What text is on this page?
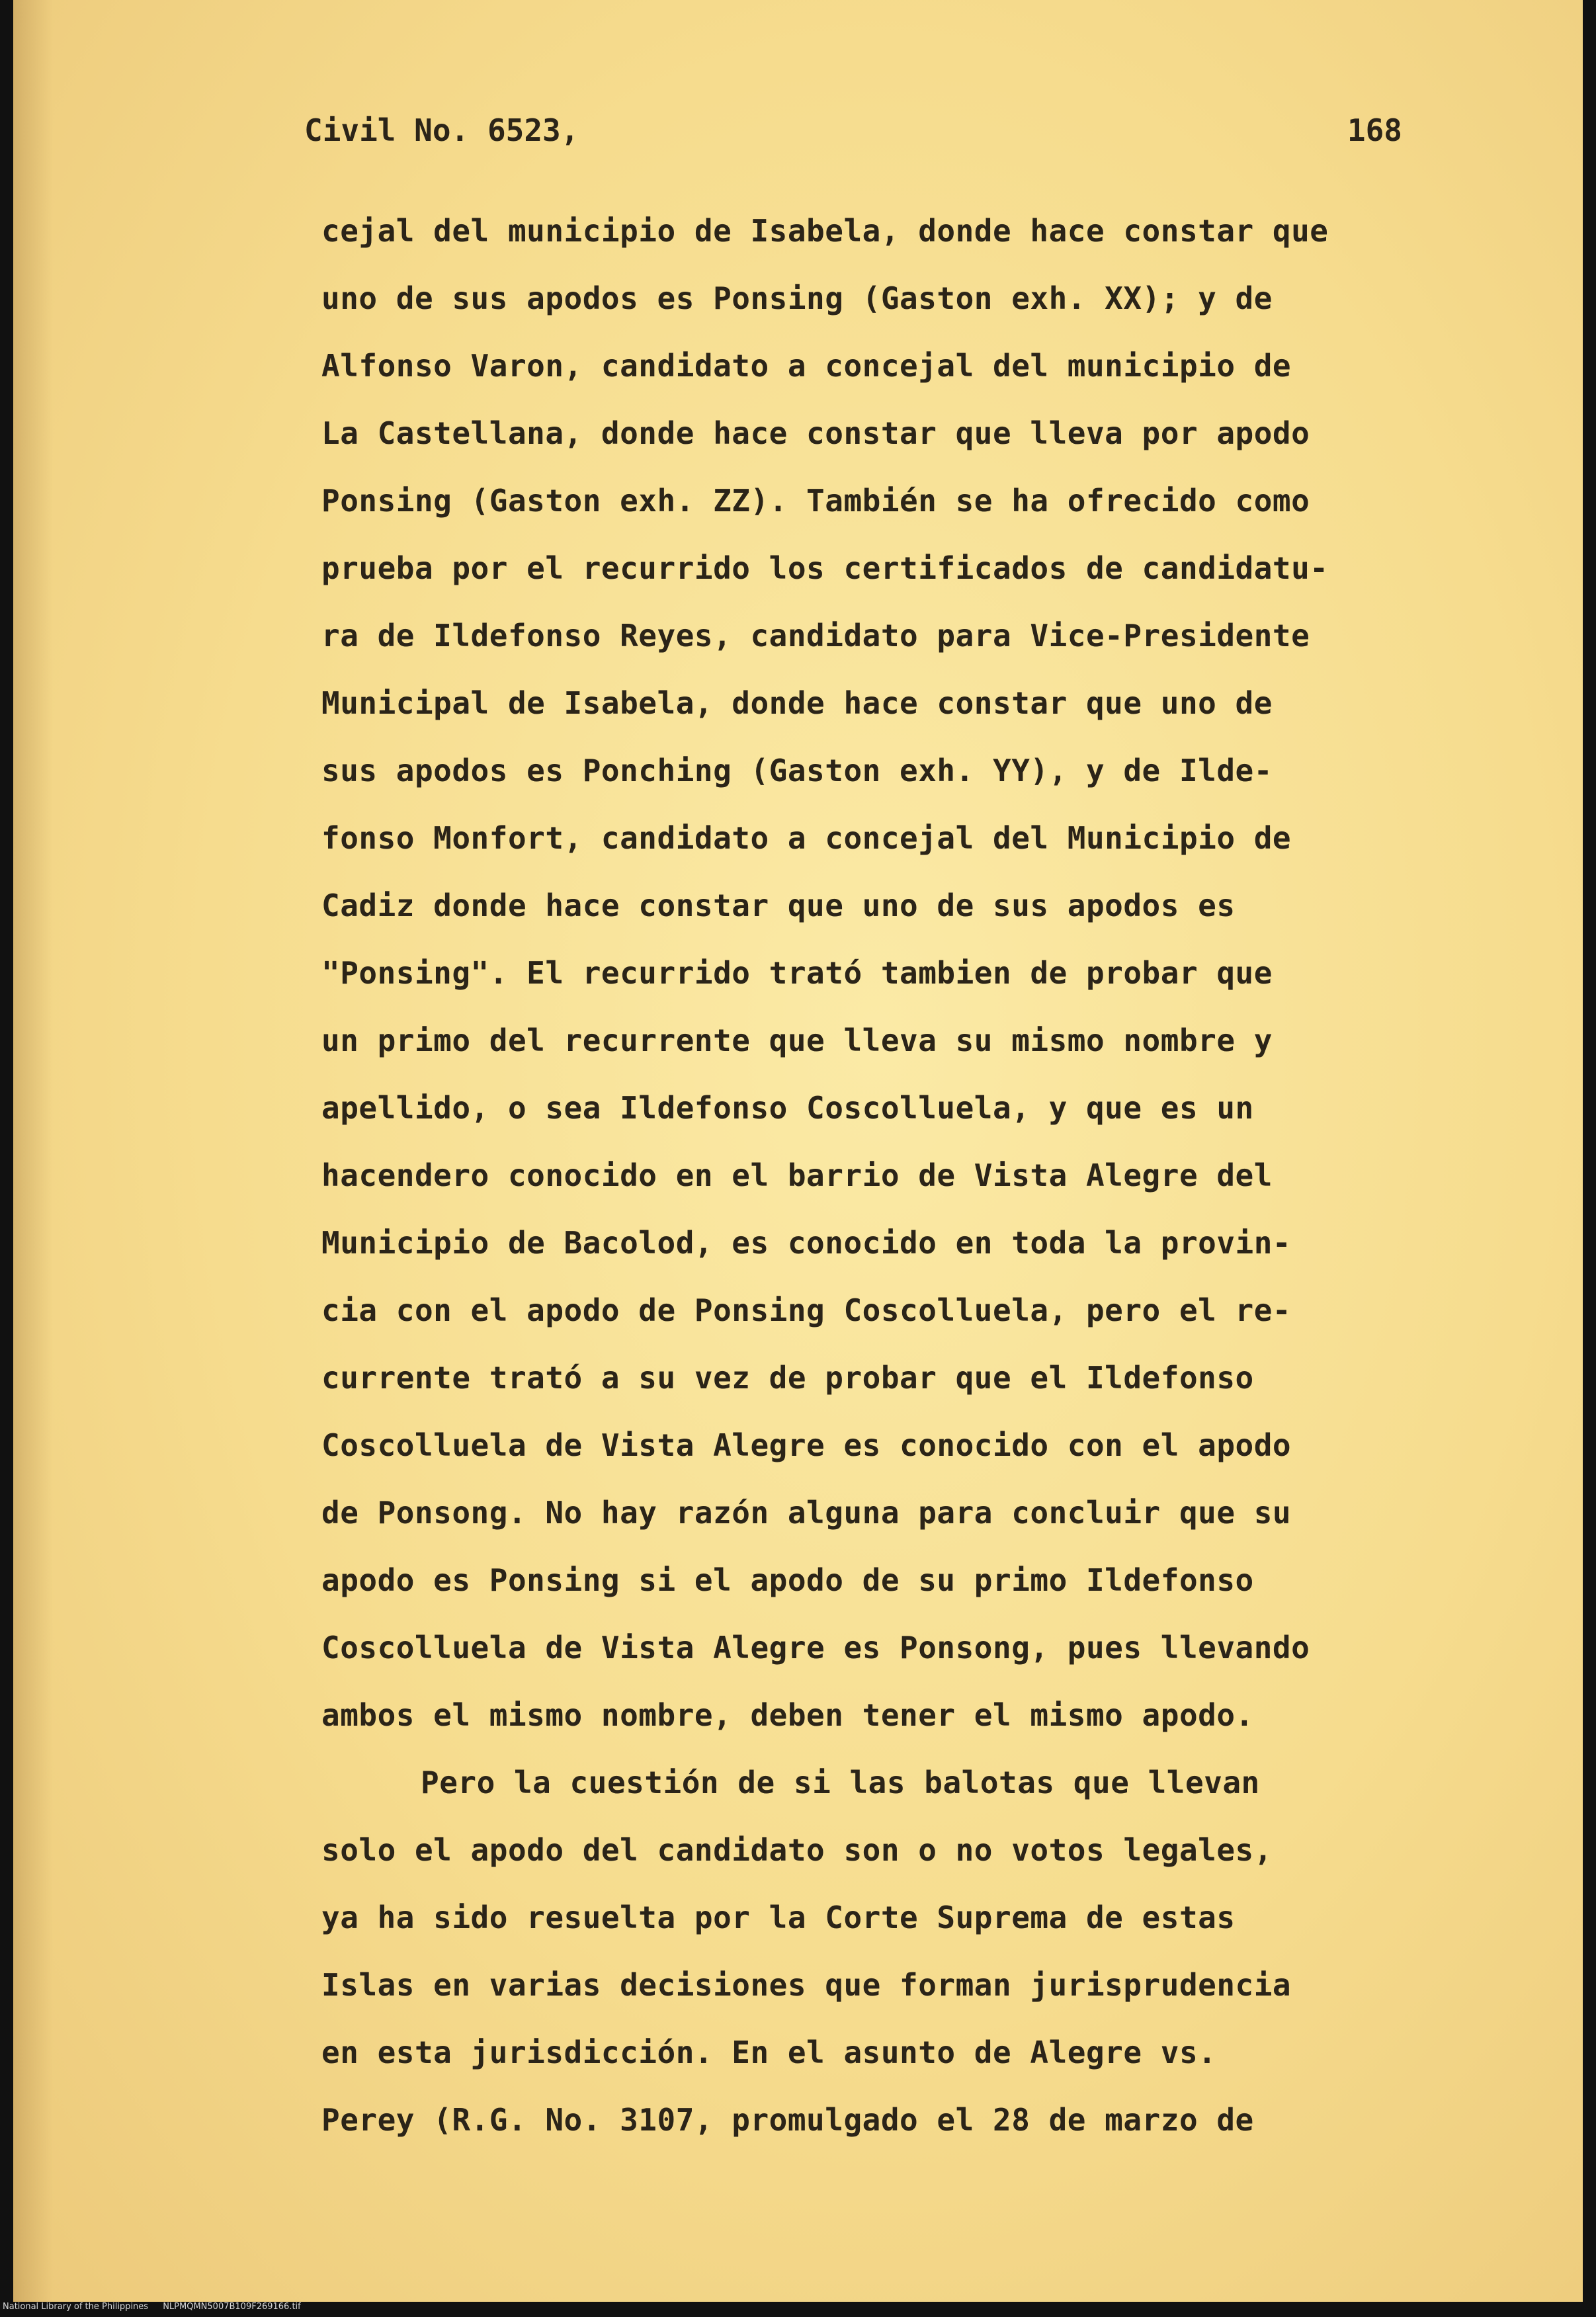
Civil No. 6523,	168
cejal del municipio de Isabela, donde hace constar que
uno de sus apodos es Ponsing (Gaston exh. XX); y de
Alfonso Varon, candidato a concejal del municipio de
La Castellana, donde hace constar que lleva por apodo
Ponsing (Gaston exh. ZZ). También se ha ofrecido como
prueba por el recurrido los certificados de candidatu-
ra de Ildefonso Reyes, candidato para Vice-Presidente
Municipal de Isabela, donde hace constar que uno de
sus apodos es Ponching (Gaston exh. YY), y de Ilde-
fonso Monfort, candidato a concejal del Municipio de
Cadiz donde hace constar que uno de sus apodos es
"Ponsing". El recurrido trató tambien de probar que
un primo del recurrente que lleva su mismo nombre y
apellido, o sea Ildefonso Coscolluela, y que es un
hacendero conocido en el barrio de Vista Alegre del
Municipio de Bacolod, es conocido en toda la provin-
cia con el apodo de Ponsing Coscolluela, pero el re-
currente trató a su vez de probar que el Ildefonso
Coscolluela de Vista Alegre es conocido con el apodo
de Ponsong. No hay razón alguna para concluir que su
apodo es Ponsing si el apodo de su primo Ildefonso
Coscolluela de Vista Alegre es Ponsong, pues llevando
ambos el mismo nombre, deben tener el mismo apodo.
Pero la cuestión de si las balotas que llevan
solo el apodo del candidato son o no votos legales,
ya ha sido resuelta por la Corte Suprema de estas
Islas en varias decisiones que forman jurisprudencia
en esta jurisdicción. En el asunto de Alegre vs.
Perey (R.G. No. 3107, promulgado el 28 de marzo de
National Library of the Philippines NLPMQMN5007B109F269166.tif
